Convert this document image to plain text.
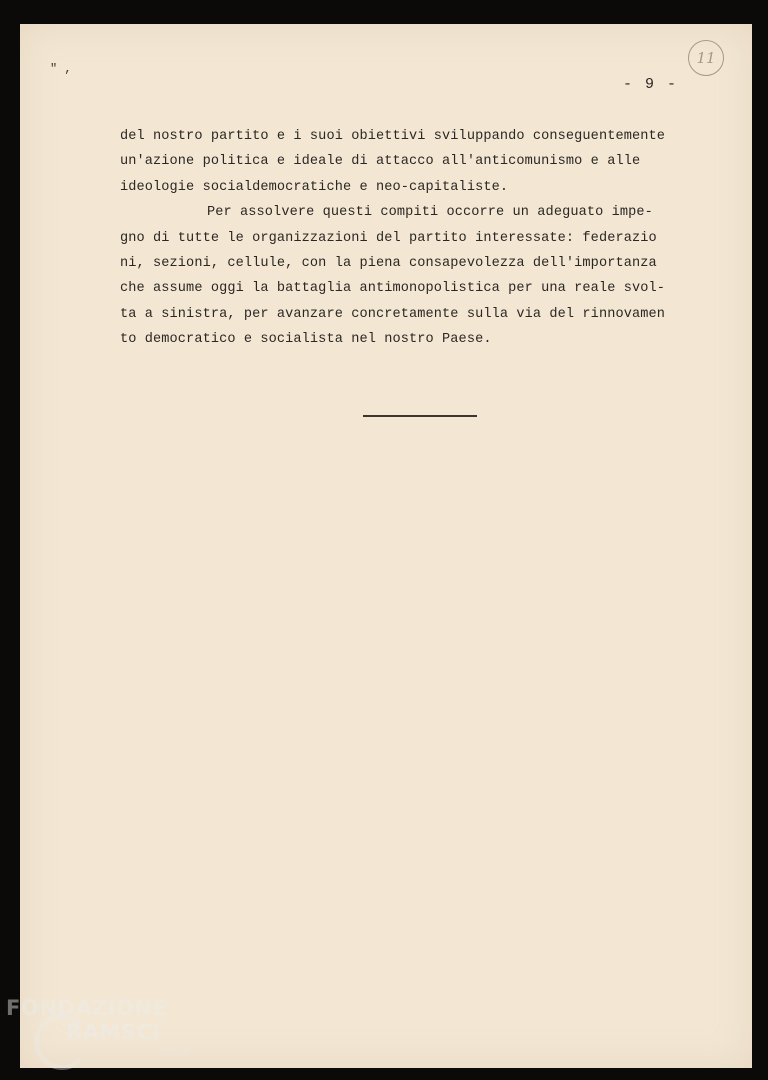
" ,
11
- 9 -
del nostro partito e i suoi obiettivi sviluppando conseguentemente
un'azione politica e ideale di attacco all'anticomunismo e alle
ideologie socialdemocratiche e neo-capitaliste.
Per assolvere questi compiti occorre un adeguato impe-
gno di tutte le organizzazioni del partito interessate: federazio
ni, sezioni, cellule, con la piena consapevolezza dell'importanza
che assume oggi la battaglia antimonopolistica per una reale svol-
ta a sinistra, per avanzare concretamente sulla via del rinnovamen
to democratico e socialista nel nostro Paese.
FONDAZIONE
RAMSCI
onlus
